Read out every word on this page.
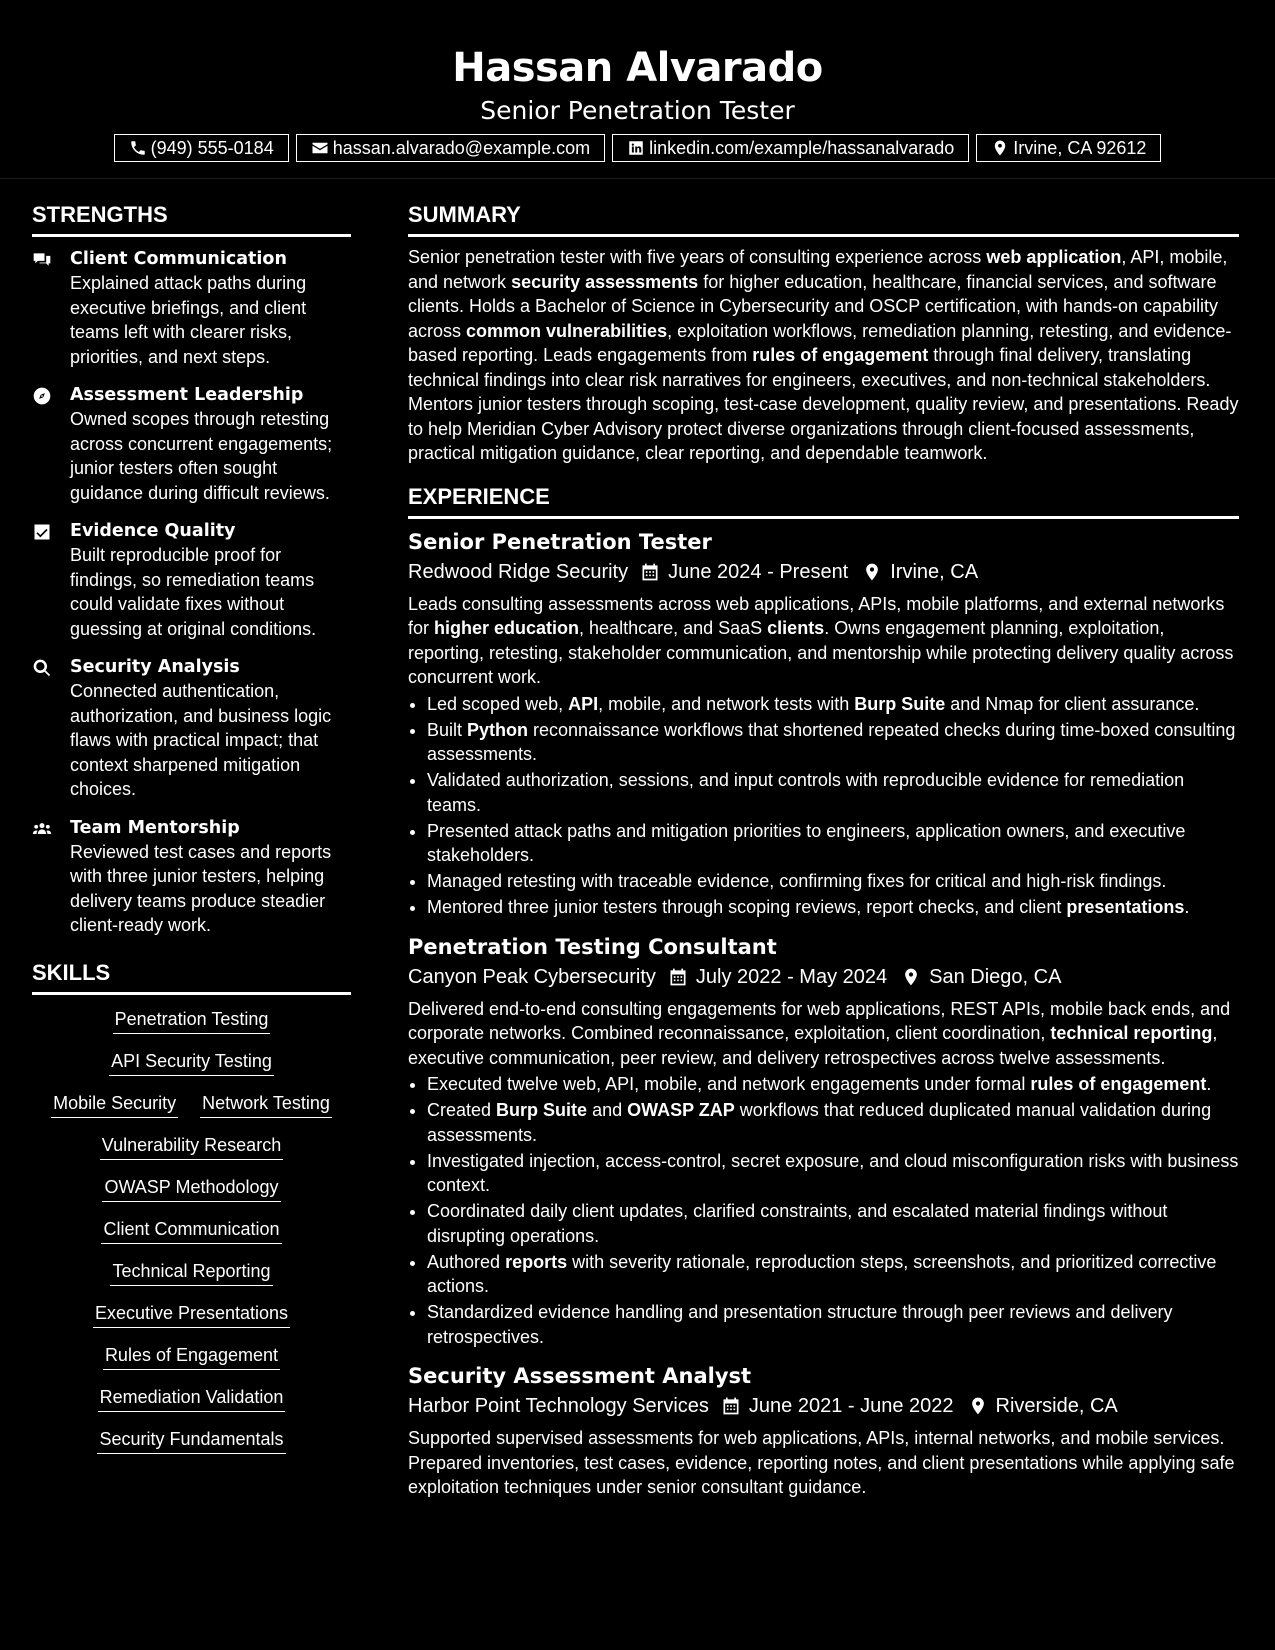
Hassan Alvarado
Senior Penetration Tester
(949) 555-0184	hassan.alvarado@example.com	linkedin.com/example/hassanalvarado	Irvine, CA 92612
STRENGTHS
Client Communication
Explained attack paths during executive briefings, and client teams left with clearer risks, priorities, and next steps.
Assessment Leadership
Owned scopes through retesting across concurrent engagements; junior testers often sought guidance during difficult reviews.
Evidence Quality
Built reproducible proof for findings, so remediation teams could validate fixes without guessing at original conditions.
Security Analysis
Connected authentication, authorization, and business logic flaws with practical impact; that context sharpened mitigation choices.
Team Mentorship
Reviewed test cases and reports with three junior testers, helping delivery teams produce steadier client-ready work.
SKILLS
Penetration Testing
API Security Testing
Mobile Security Network Testing
Vulnerability Research
OWASP Methodology
Client Communication
Technical Reporting
Executive Presentations
Rules of Engagement
Remediation Validation
Security Fundamentals
SUMMARY
Senior penetration tester with five years of consulting experience across web application, API, mobile, and network security assessments for higher education, healthcare, financial services, and software clients. Holds a Bachelor of Science in Cybersecurity and OSCP certification, with hands-on capability across common vulnerabilities, exploitation workflows, remediation planning, retesting, and evidence-based reporting. Leads engagements from rules of engagement through final delivery, translating technical findings into clear risk narratives for engineers, executives, and non-technical stakeholders. Mentors junior testers through scoping, test-case development, quality review, and presentations. Ready to help Meridian Cyber Advisory protect diverse organizations through client-focused assessments, practical mitigation guidance, clear reporting, and dependable teamwork.
EXPERIENCE
Senior Penetration Tester
Redwood Ridge Security June 2024 - Present Irvine, CA
Leads consulting assessments across web applications, APIs, mobile platforms, and external networks for higher education, healthcare, and SaaS clients. Owns engagement planning, exploitation, reporting, retesting, stakeholder communication, and mentorship while protecting delivery quality across concurrent work.
• Led scoped web, API, mobile, and network tests with Burp Suite and Nmap for client assurance.
• Built Python reconnaissance workflows that shortened repeated checks during time-boxed consulting assessments.
• Validated authorization, sessions, and input controls with reproducible evidence for remediation teams.
• Presented attack paths and mitigation priorities to engineers, application owners, and executive stakeholders.
• Managed retesting with traceable evidence, confirming fixes for critical and high-risk findings.
• Mentored three junior testers through scoping reviews, report checks, and client presentations.
Penetration Testing Consultant
Canyon Peak Cybersecurity July 2022 - May 2024 San Diego, CA
Delivered end-to-end consulting engagements for web applications, REST APIs, mobile back ends, and corporate networks. Combined reconnaissance, exploitation, client coordination, technical reporting, executive communication, peer review, and delivery retrospectives across twelve assessments.
• Executed twelve web, API, mobile, and network engagements under formal rules of engagement.
• Created Burp Suite and OWASP ZAP workflows that reduced duplicated manual validation during assessments.
• Investigated injection, access-control, secret exposure, and cloud misconfiguration risks with business context.
• Coordinated daily client updates, clarified constraints, and escalated material findings without disrupting operations.
• Authored reports with severity rationale, reproduction steps, screenshots, and prioritized corrective actions.
• Standardized evidence handling and presentation structure through peer reviews and delivery retrospectives.
Security Assessment Analyst
Harbor Point Technology Services June 2021 - June 2022 Riverside, CA
Supported supervised assessments for web applications, APIs, internal networks, and mobile services. Prepared inventories, test cases, evidence, reporting notes, and client presentations while applying safe exploitation techniques under senior consultant guidance.
